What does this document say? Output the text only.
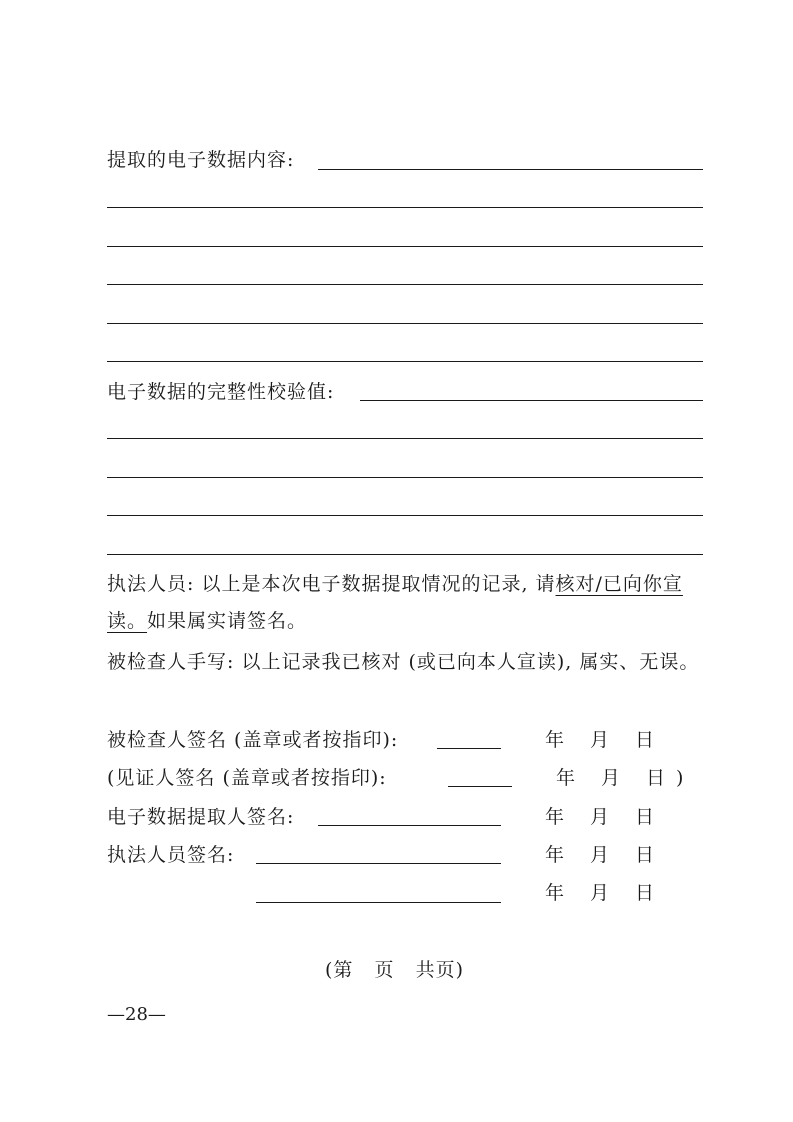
提取的电子数据内容:
电子数据的完整性校验值:
执法人员: 以上是本次电子数据提取情况的记录, 请核对/已向你宣
读。如果属实请签名。
被检查人手写: 以上记录我已核对 (或已向本人宣读), 属实、无误。
被检查人签名 (盖章或者按指印):	年 月 日
(见证人签名 (盖章或者按指印):	年 月 日 )
电子数据提取人签名:	年 月 日
执法人员签名:	年 月 日
年 月 日
(第   页   共页)
—28—
